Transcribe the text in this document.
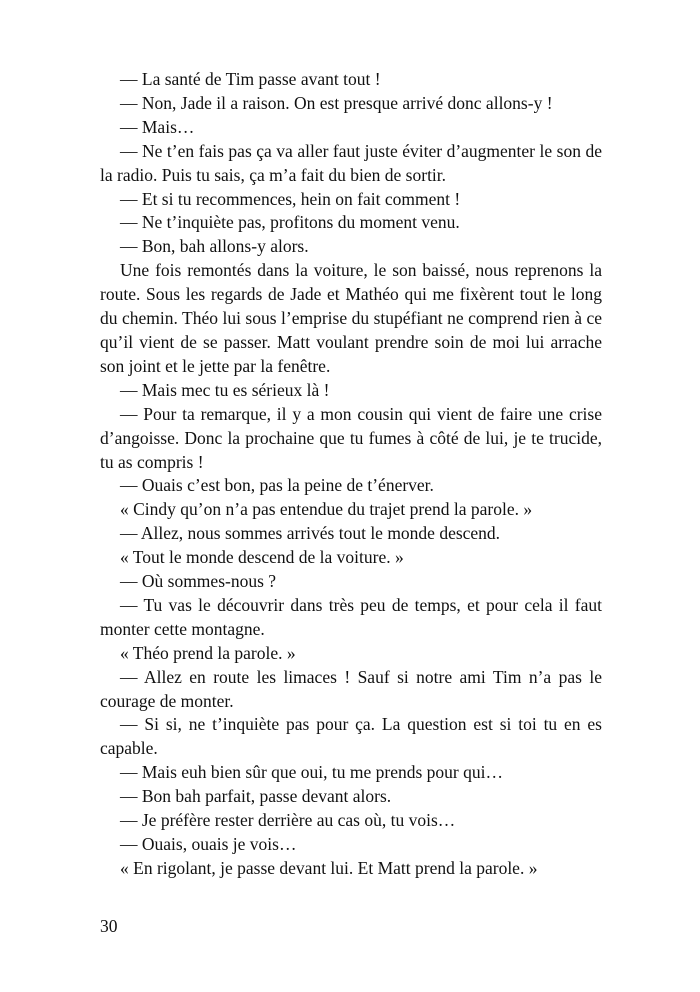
— La santé de Tim passe avant tout !

— Non, Jade il a raison. On est presque arrivé donc allons-y !

— Mais…

— Ne t’en fais pas ça va aller faut juste éviter d’augmenter le son de la radio. Puis tu sais, ça m’a fait du bien de sortir.

— Et si tu recommences, hein on fait comment !

— Ne t’inquiète pas, profitons du moment venu.

— Bon, bah allons-y alors.

Une fois remontés dans la voiture, le son baissé, nous reprenons la route. Sous les regards de Jade et Mathéo qui me fixèrent tout le long du chemin. Théo lui sous l’emprise du stupéfiant ne comprend rien à ce qu’il vient de se passer. Matt voulant prendre soin de moi lui arrache son joint et le jette par la fenêtre.

— Mais mec tu es sérieux là !

— Pour ta remarque, il y a mon cousin qui vient de faire une crise d’angoisse. Donc la prochaine que tu fumes à côté de lui, je te trucide, tu as compris !

— Ouais c’est bon, pas la peine de t’énerver.

« Cindy qu’on n’a pas entendue du trajet prend la parole. »

— Allez, nous sommes arrivés tout le monde descend.

« Tout le monde descend de la voiture. »

— Où sommes-nous ?

— Tu vas le découvrir dans très peu de temps, et pour cela il faut monter cette montagne.

« Théo prend la parole. »

— Allez en route les limaces ! Sauf si notre ami Tim n’a pas le courage de monter.

— Si si, ne t’inquiète pas pour ça. La question est si toi tu en es capable.

— Mais euh bien sûr que oui, tu me prends pour qui…

— Bon bah parfait, passe devant alors.

— Je préfère rester derrière au cas où, tu vois…

— Ouais, ouais je vois…

« En rigolant, je passe devant lui. Et Matt prend la parole. »

30
